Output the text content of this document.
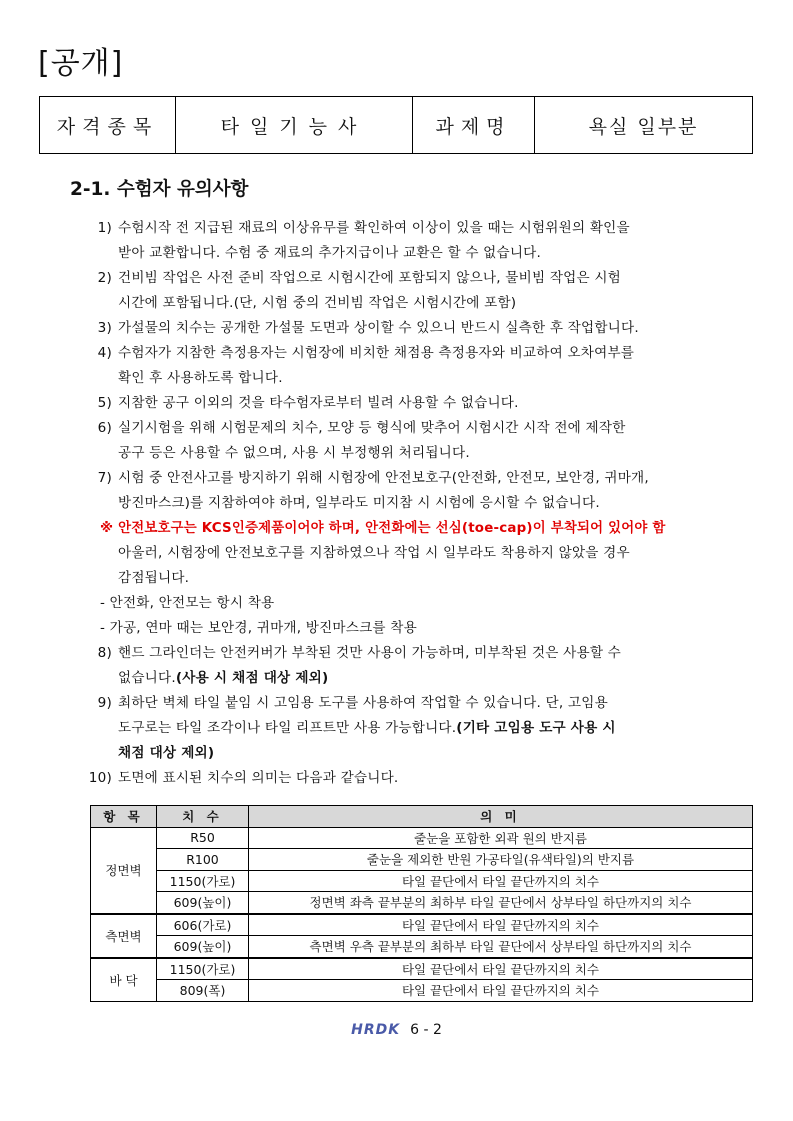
[공개]
자격종목	타일기능사	과제명	욕실 일부분
2-1. 수험자 유의사항
1) 수험시작 전 지급된 재료의 이상유무를 확인하여 이상이 있을 때는 시험위원의 확인을
받아 교환합니다. 수험 중 재료의 추가지급이나 교환은 할 수 없습니다.
2) 건비빔 작업은 사전 준비 작업으로 시험시간에 포함되지 않으나, 물비빔 작업은 시험
시간에 포함됩니다.(단, 시험 중의 건비빔 작업은 시험시간에 포함)
3) 가설물의 치수는 공개한 가설물 도면과 상이할 수 있으니 반드시 실측한 후 작업합니다.
4) 수험자가 지참한 측정용자는 시험장에 비치한 채점용 측정용자와 비교하여 오차여부를
확인 후 사용하도록 합니다.
5) 지참한 공구 이외의 것을 타수험자로부터 빌려 사용할 수 없습니다.
6) 실기시험을 위해 시험문제의 치수, 모양 등 형식에 맞추어 시험시간 시작 전에 제작한
공구 등은 사용할 수 없으며, 사용 시 부정행위 처리됩니다.
7) 시험 중 안전사고를 방지하기 위해 시험장에 안전보호구(안전화, 안전모, 보안경, 귀마개,
방진마스크)를 지참하여야 하며, 일부라도 미지참 시 시험에 응시할 수 없습니다.
※ 안전보호구는 KCS인증제품이어야 하며, 안전화에는 선심(toe-cap)이 부착되어 있어야 함
아울러, 시험장에 안전보호구를 지참하였으나 작업 시 일부라도 착용하지 않았을 경우
감점됩니다.
- 안전화, 안전모는 항시 착용
- 가공, 연마 때는 보안경, 귀마개, 방진마스크를 착용
8) 핸드 그라인더는 안전커버가 부착된 것만 사용이 가능하며, 미부착된 것은 사용할 수
없습니다.(사용 시 채점 대상 제외)
9) 최하단 벽체 타일 붙임 시 고임용 도구를 사용하여 작업할 수 있습니다. 단, 고임용
도구로는 타일 조각이나 타일 리프트만 사용 가능합니다.(기타 고임용 도구 사용 시
채점 대상 제외)
10) 도면에 표시된 치수의 의미는 다음과 같습니다.
항 목	치 수	의 미
정면벽	R50	줄눈을 포함한 외곽 원의 반지름
	R100	줄눈을 제외한 반원 가공타일(유색타일)의 반지름
	1150(가로)	타일 끝단에서 타일 끝단까지의 치수
	609(높이)	정면벽 좌측 끝부분의 최하부 타일 끝단에서 상부타일 하단까지의 치수
측면벽	606(가로)	타일 끝단에서 타일 끝단까지의 치수
	609(높이)	측면벽 우측 끝부분의 최하부 타일 끝단에서 상부타일 하단까지의 치수
바 닥	1150(가로)	타일 끝단에서 타일 끝단까지의 치수
	809(폭)	타일 끝단에서 타일 끝단까지의 치수
HRDK 6 - 2
